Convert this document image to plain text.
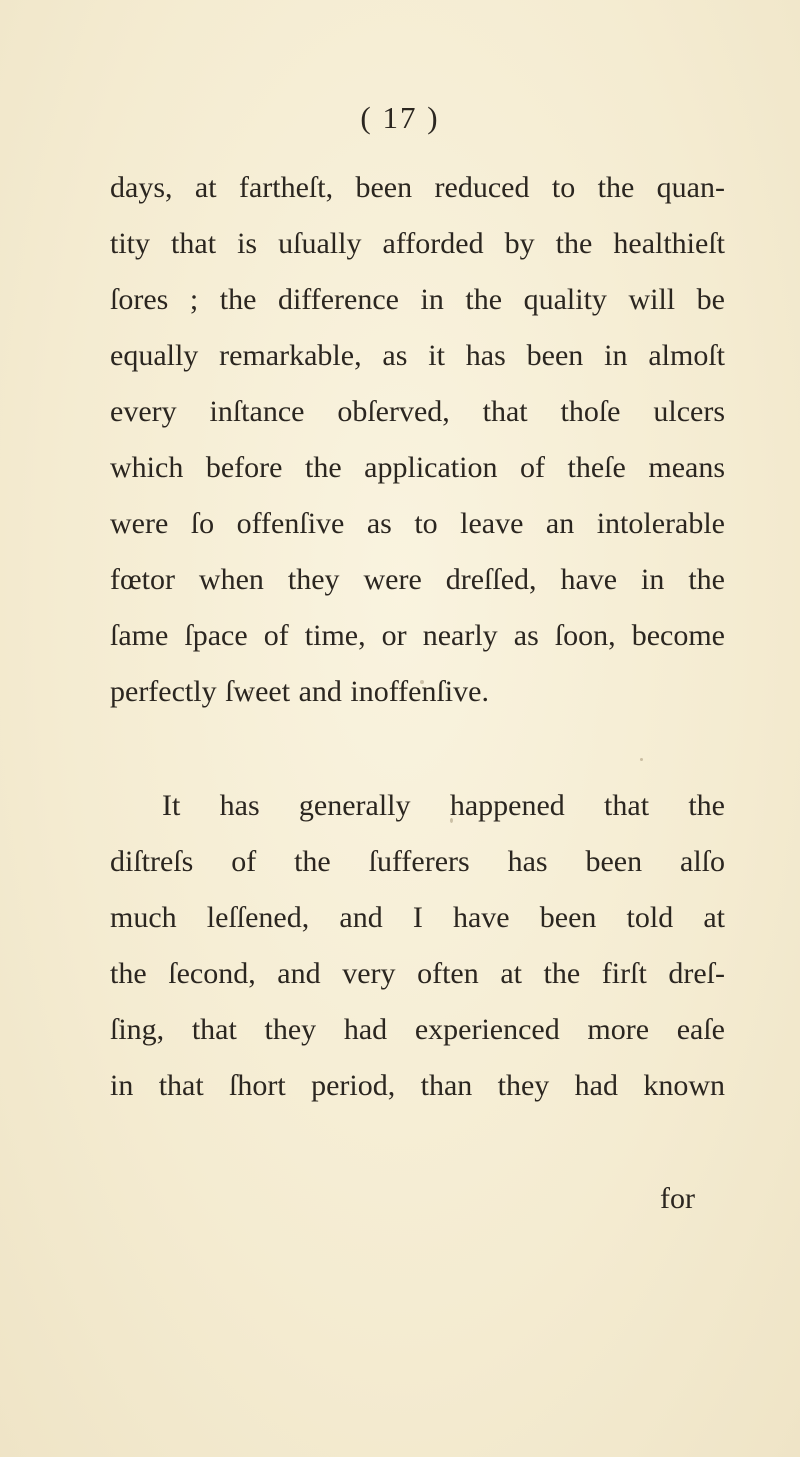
( 17 )
days, at fartheſt, been reduced to the quan-
tity that is uſually afforded by the healthieſt
ſores ; the difference in the quality will be
equally remarkable, as it has been in almoſt
every inſtance obſerved, that thoſe ulcers
which before the application of theſe means
were ſo offenſive as to leave an intolerable
fœtor when they were dreſſed, have in the
ſame ſpace of time, or nearly as ſoon, become
perfectly ſweet and inoffenſive.
It has generally happened that the
diſtreſs of the ſufferers has been alſo
much leſſened, and I have been told at
the ſecond, and very often at the firſt dreſ-
ſing, that they had experienced more eaſe
in that ſhort period, than they had known
for
